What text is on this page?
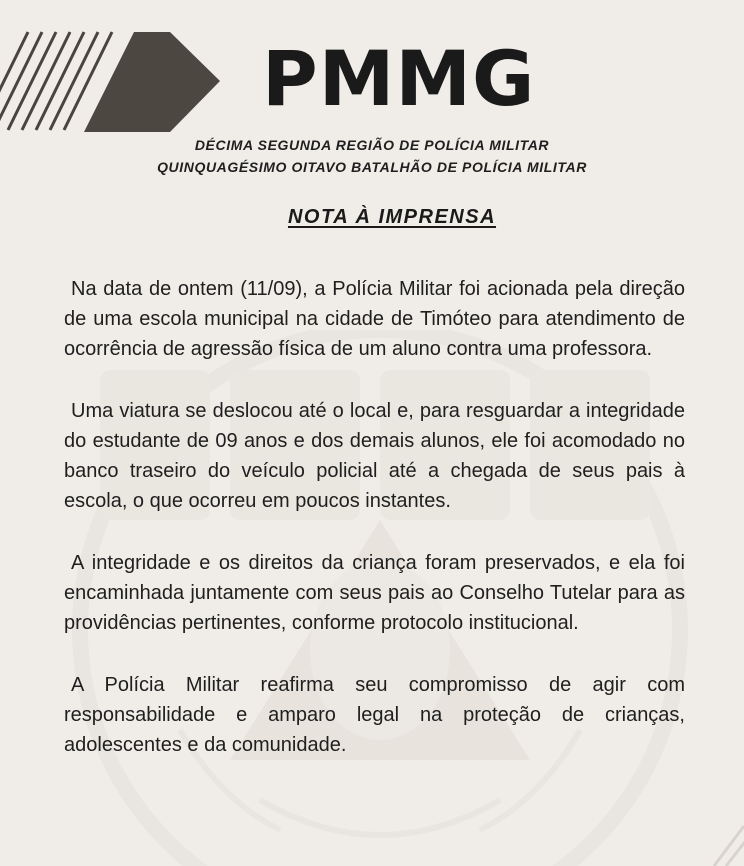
PMMG
DÉCIMA SEGUNDA REGIÃO DE POLÍCIA MILITAR
QUINQUAGÉSIMO OITAVO BATALHÃO DE POLÍCIA MILITAR
NOTA À IMPRENSA

Na data de ontem (11/09), a Polícia Militar foi acionada pela direção de uma escola municipal na cidade de Timóteo para atendimento de ocorrência de agressão física de um aluno contra uma professora.

Uma viatura se deslocou até o local e, para resguardar a integridade do estudante de 09 anos e dos demais alunos, ele foi acomodado no banco traseiro do veículo policial até a chegada de seus pais à escola, o que ocorreu em poucos instantes.

A integridade e os direitos da criança foram preservados, e ela foi encaminhada juntamente com seus pais ao Conselho Tutelar para as providências pertinentes, conforme protocolo institucional.

A Polícia Militar reafirma seu compromisso de agir com responsabilidade e amparo legal na proteção de crianças, adolescentes e da comunidade.
